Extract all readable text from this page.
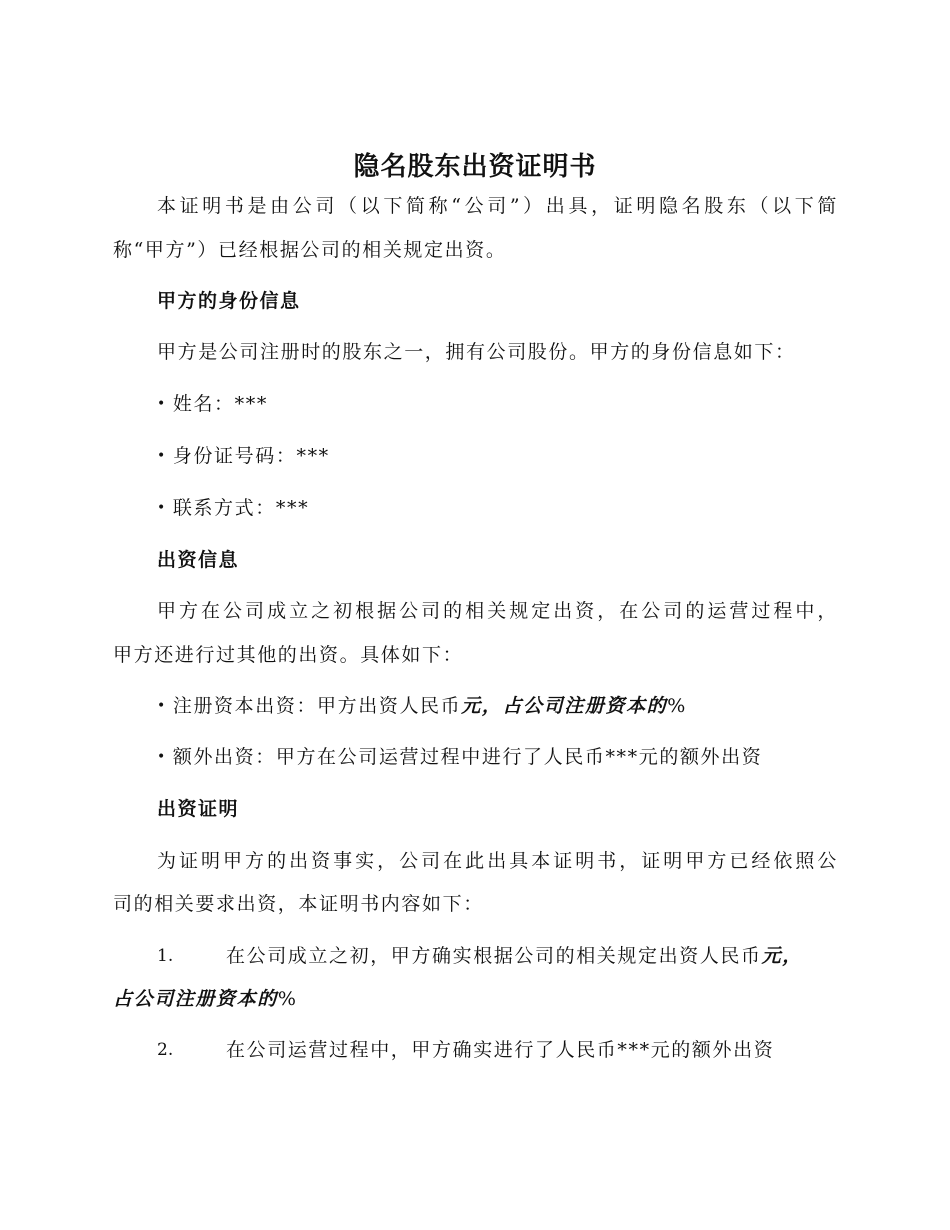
隐名股东出资证明书
本证明书是由公司（以下简称“公司”）出具，证明隐名股东（以下简
称“甲方”）已经根据公司的相关规定出资。
甲方的身份信息
甲方是公司注册时的股东之一，拥有公司股份。甲方的身份信息如下：
• 姓名：***
• 身份证号码：***
• 联系方式：***
出资信息
甲方在公司成立之初根据公司的相关规定出资，在公司的运营过程中，
甲方还进行过其他的出资。具体如下：
• 注册资本出资：甲方出资人民币元，占公司注册资本的%
• 额外出资：甲方在公司运营过程中进行了人民币***元的额外出资
出资证明
为证明甲方的出资事实，公司在此出具本证明书，证明甲方已经依照公
司的相关要求出资，本证明书内容如下：
1.	在公司成立之初，甲方确实根据公司的相关规定出资人民币元，
占公司注册资本的%
2.	在公司运营过程中，甲方确实进行了人民币***元的额外出资
